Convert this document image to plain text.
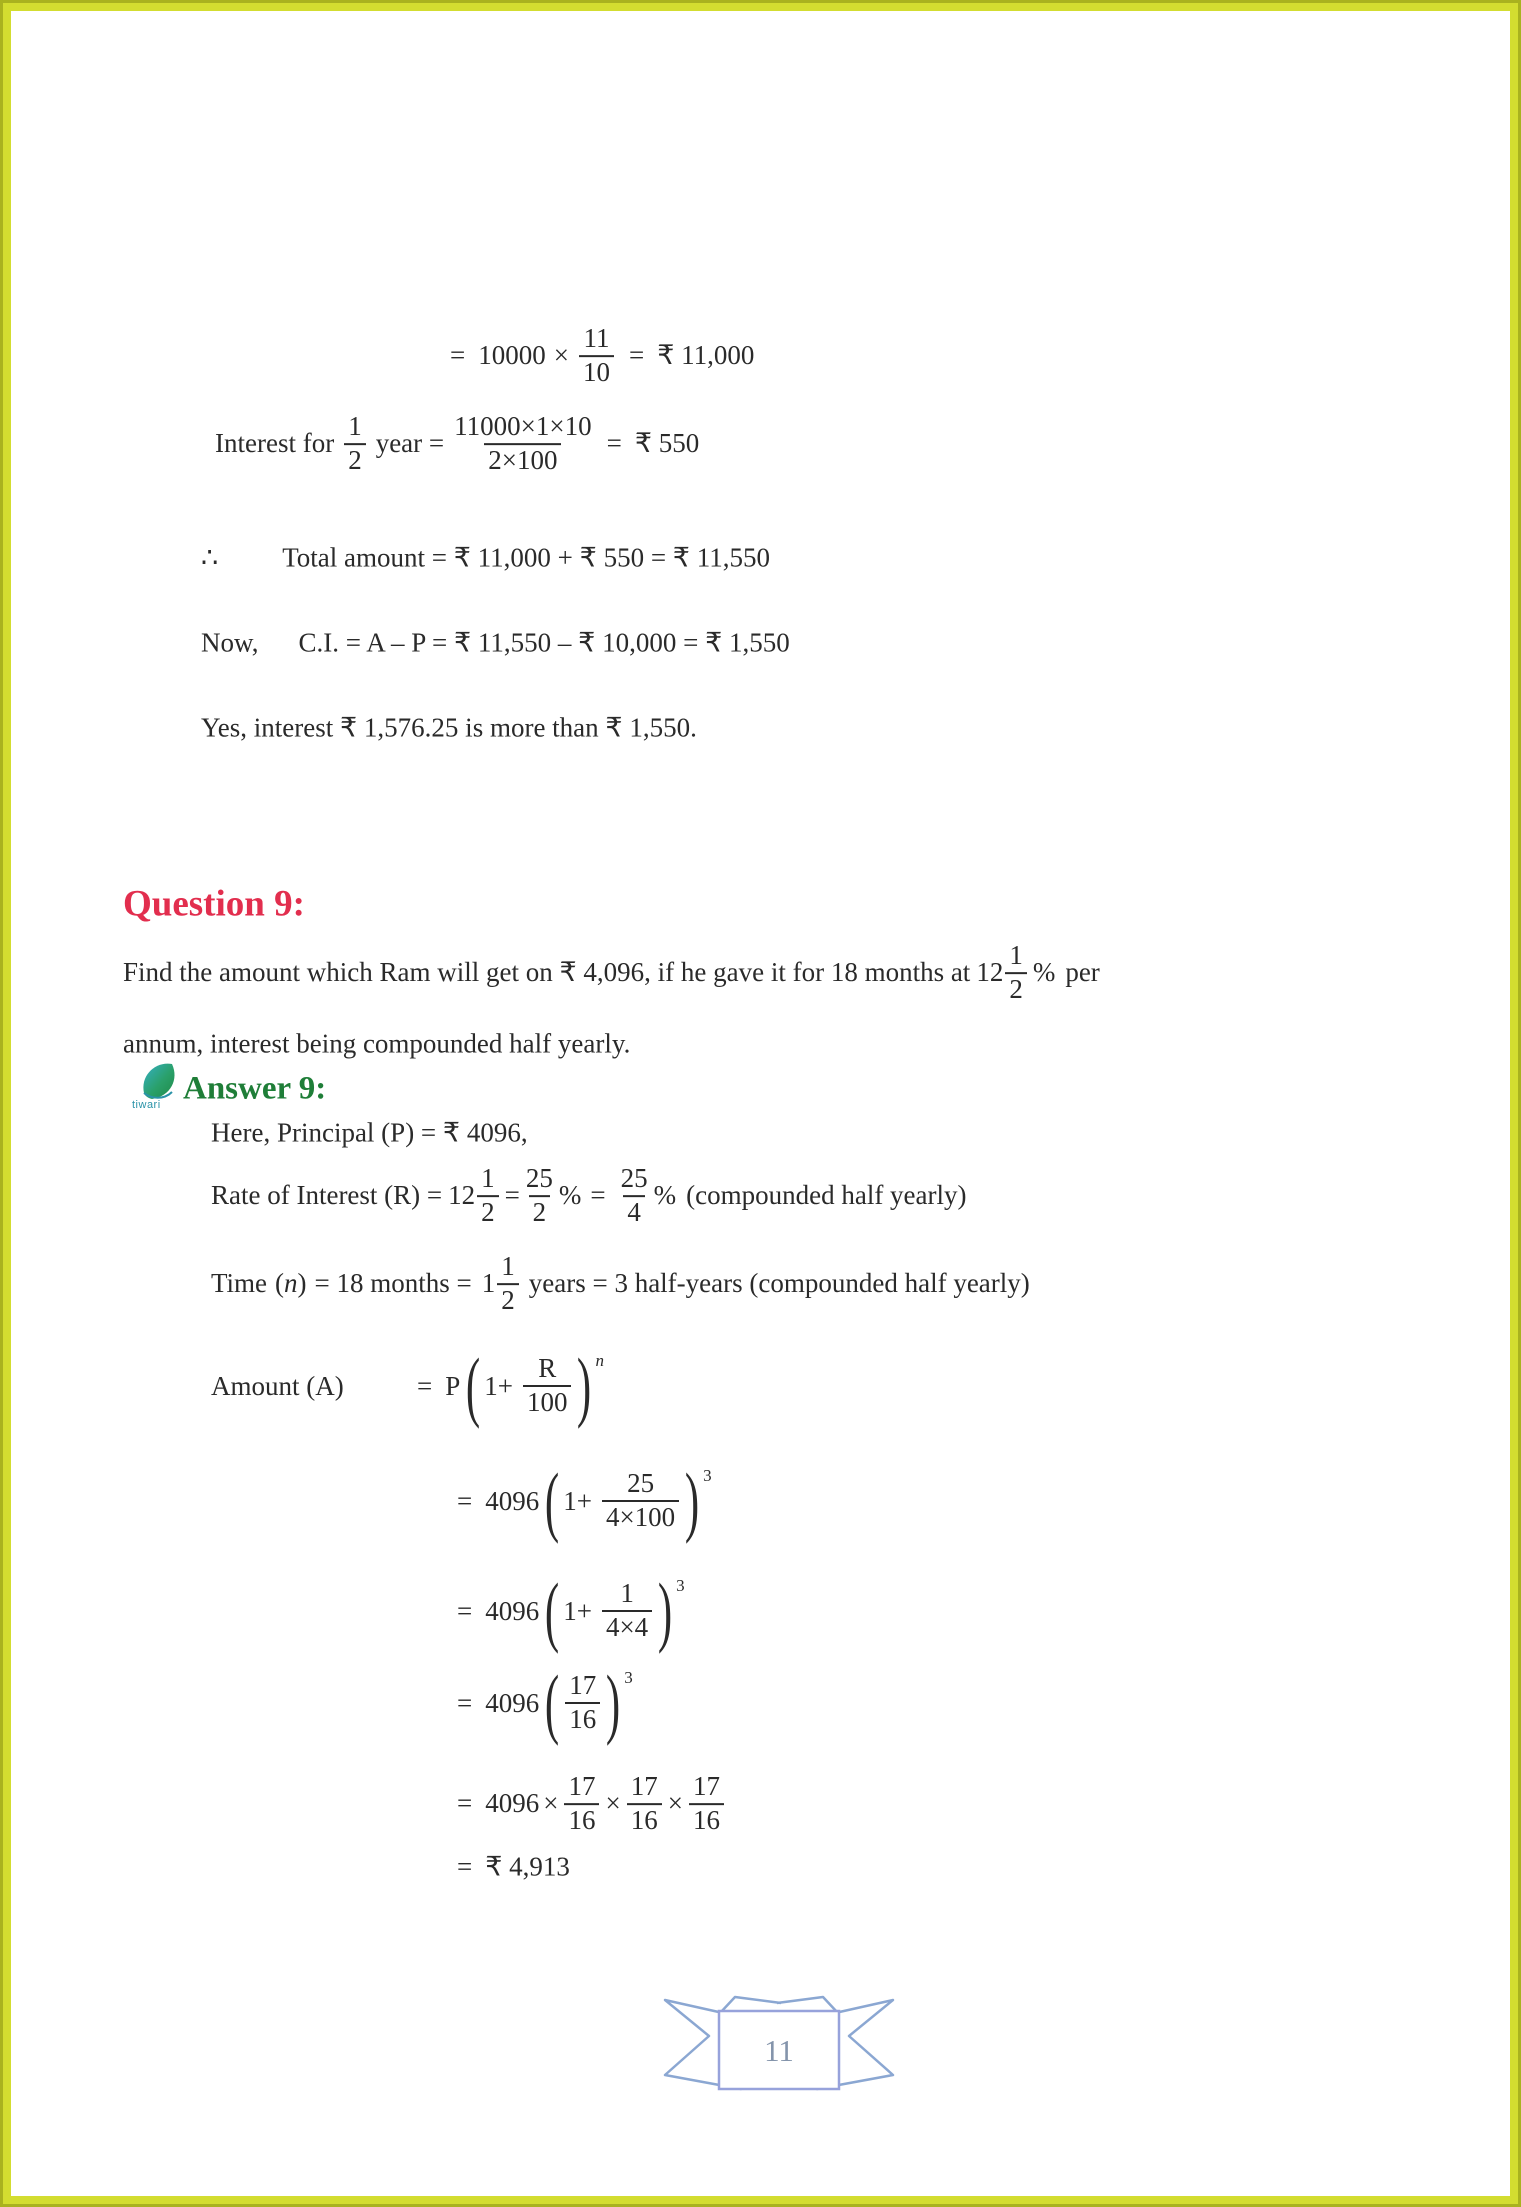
= $10000 \times \frac{11}{10}$ = ₹ 11,000
Interest for
1
2
year = $\frac{11000\times 1\times 10}{2\times 100}$ = ₹ 550
∴ Total amount = ₹ 11,000 + ₹ 550 = ₹ 11,550
Now, C.I. = A – P = ₹ 11,550 – ₹ 10,000 = ₹ 1,550
Yes, interest ₹ 1,576.25 is more than ₹ 1,550.
Question 9:
Find the amount which Ram will get on ₹ 4,096, if he gave it for 18 months at 12
1
2
% per
annum, interest being compounded half yearly.
tiwari Answer 9:
Here, Principal (P) = ₹ 4096,
Rate of Interest $(R) = 12 \frac{1}{2} = \frac{25}{2}$ % = $\frac{25}{4}$ % (compounded half yearly)
Time ( n ) = 18 months = 1
1
2
years = 3 half-years (compounded half yearly)
Amount (A)	= P ( $1+ \frac{R}{100}$ ) n
= 4096 ( $1+ \frac{25}{4\times 100}$ ) 3
= 4096 ( $1+ \frac{1}{4\times 4}$ ) 3
= 4096 ( 17
16 ) 3
= $4096 \times \frac{17}{16} \times \frac{17}{16} \times \frac{17}{16}$
= ₹ 4,913
11
